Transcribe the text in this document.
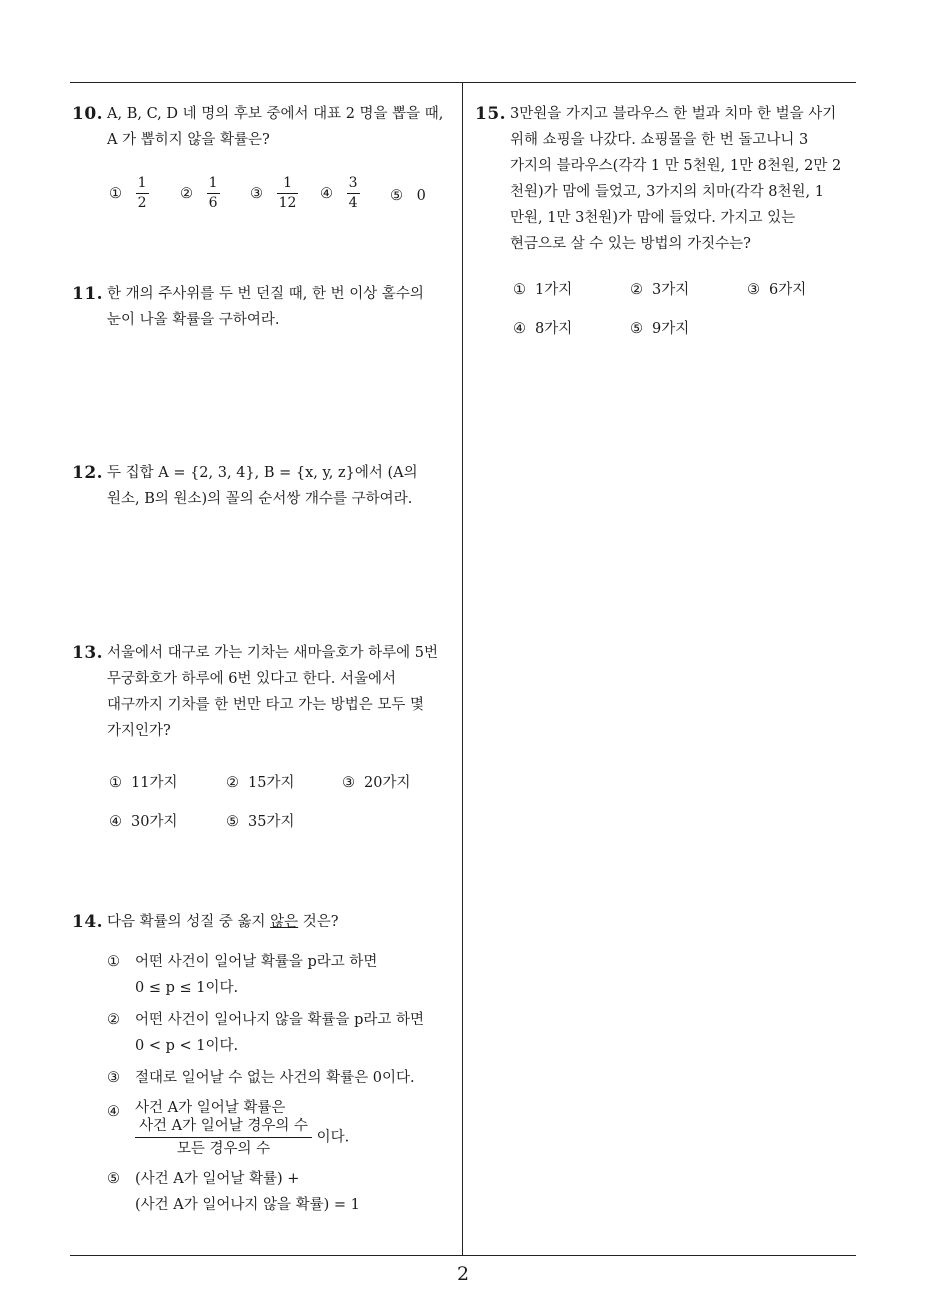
10. A, B, C, D 네 명의 후보 중에서 대표 2 명을 뽑을 때,

A 가 뽑히지 않을 확률은?

① $\frac{1}{2}$ ② $\frac{1}{6}$ ③ $\frac{1}{12}$ ④ $\frac{3}{4}$ ⑤ 0
11. 한 개의 주사위를 두 번 던질 때, 한 번 이상 홀수의

눈이 나올 확률을 구하여라.

12. 두 집합 A = {2, 3, 4}, B = {x, y, z}에서 (A의

원소, B의 원소)의 꼴의 순서쌍 개수를 구하여라.

13. 서울에서 대구로 가는 기차는 새마을호가 하루에 5번

무궁화호가 하루에 6번 있다고 한다. 서울에서

대구까지 기차를 한 번만 타고 가는 방법은 모두 몇

가지인가?

① 11가지	② 15가지	③ 20가지
④ 30가지	⑤ 35가지
14. 다음 확률의 성질 중 옳지 않은 것은?

① 어떤 사건이 일어날 확률을 p라고 하면
0 ≤ p ≤ 1이다.
② 어떤 사건이 일어나지 않을 확률을 p라고 하면
0 < p < 1이다.
③ 절대로 일어날 수 없는 사건의 확률은 0이다.
④ 사건 A가 일어날 확률은
사건 A가 일어날 경우의 수
모든 경우의 수
이다.
⑤ (사건 A가 일어날 확률) +
(사건 A가 일어나지 않을 확률) = 1
15. 3만원을 가지고 블라우스 한 벌과 치마 한 벌을 사기

위해 쇼핑을 나갔다. 쇼핑몰을 한 번 돌고나니 3

가지의 블라우스(각각 1 만 5천원, 1만 8천원, 2만 2

천원)가 맘에 들었고, 3가지의 치마(각각 8천원, 1

만원, 1만 3천원)가 맘에 들었다. 가지고 있는

현금으로 살 수 있는 방법의 가짓수는?

① 1가지	② 3가지	③ 6가지
④ 8가지	⑤ 9가지
2
